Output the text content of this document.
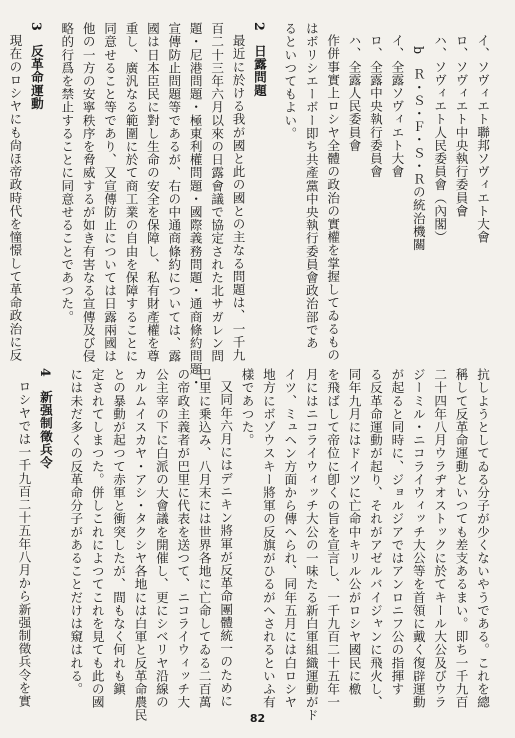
イ、ソヴィエト聯邦ソヴィエト大會
ロ、ソヴィエト中央執行委員會
ハ、ソヴィエト人民委員會（內閣）
b　Ｒ・Ｓ・Ｆ・Ｓ・Ｒの統治機關
イ、全露ソヴィエト大會
ロ、全露中央執行委員會
ハ、全露人民委員會
作併事實上ロシヤ全體の政治の實權を掌握してゐるもの
はボリシエーボー即ち共產黨中央執行委員會政治部であ
るといつてもよい。
2　日露問題
最近に於ける我が國と此の國との主なる問題は、一千九
百二十三年六月以來の日露會議で協定された北サガレン問
題・尼港問題・極東利權問題・國際義務問題・通商條約問題・
宣傳防止問題等であるが、右の中通商條約については、露
國は日本臣民に對し生命の安全を保障し、私有財產權を尊
重し、廣汎なる範圍に於て商工業の自由を保障することに
同意せること等であり、又宣傳防止については日露兩國は
他の一方の安寧秩序を脅威するが如き有害なる宣傳及び侵
略的行爲を禁止することに同意せることであつた。
3　反革命運動
現在のロシヤにも尙ほ帝政時代を憧憬して革命政治に反
抗しようとしてゐる分子が少くないやうである。これを總
稱して反革命運動といつても差支あるまい。即ち一千九百
二十四年八月ウラヂオストックに於てキール大公及びウラ
ジーミル・ニコライウィッチ大公等を首領に戴く復辟運動
が起ると同時に、ジョルジアではアンロニフ公の指揮す
る反革命運動が起り、それがアゼルバイジャンに飛火し、
同年九月にはドイツに亡命中キリル公がロシヤ國民に檄
を飛ばして帝位に卽くの旨を宣言し、一千九百二十五年一
月にはニコライウィッチ大公の一味たる新白軍組織運動がド
イツ、ミュヘン方面から傳へられ、同年五月には白ロシヤ
地方にボゾウスキー將軍の反旗がひるがへされるといふ有
樣であつた。
又同年六月にはデニキン將軍が反革命團體統一のために
巴里に乗込み、八月末には世界各地に亡命してゐる二百萬
の帝政主義者が巴里に代表を送つて、ニコライウィッチ大
公主宰の下に白派の大會議を開催し、更にシベリヤ沿線の
カルムイスカヤ・アシ・タクシヤ各地には白軍と反革命農民
との暴動が起つて赤軍と衝突したが、間もなく何れも鎭
定されてしまつた。併しこれによつてこれを見ても此の國
には未だ多くの反革命分子があることだけは窺はれる。
4　新强制徵兵令
ロシヤでは一千九百二十五年八月から新强制徵兵令を實
82
